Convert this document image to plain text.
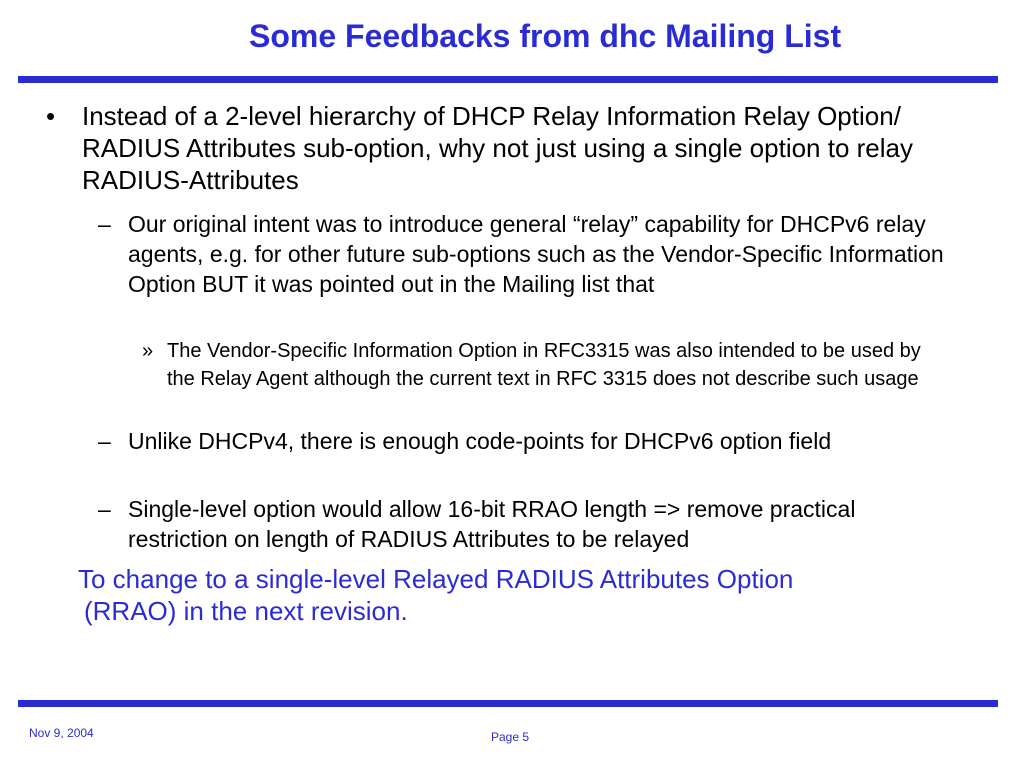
Some Feedbacks from dhc Mailing List

• Instead of a 2-level hierarchy of DHCP Relay Information Relay Option/ RADIUS Attributes sub-option, why not just using a single option to relay RADIUS-Attributes

– Our original intent was to introduce general “relay” capability for DHCPv6 relay agents, e.g. for other future sub-options such as the Vendor-Specific Information Option BUT it was pointed out in the Mailing list that

» The Vendor-Specific Information Option in RFC3315 was also intended to be used by the Relay Agent although the current text in RFC 3315 does not describe such usage

– Unlike DHCPv4, there is enough code-points for DHCPv6 option field

– Single-level option would allow 16-bit RRAO length => remove practical restriction on length of RADIUS Attributes to be relayed

To change to a single-level Relayed RADIUS Attributes Option
(RRAO) in the next revision.

Nov 9, 2004	Page 5
